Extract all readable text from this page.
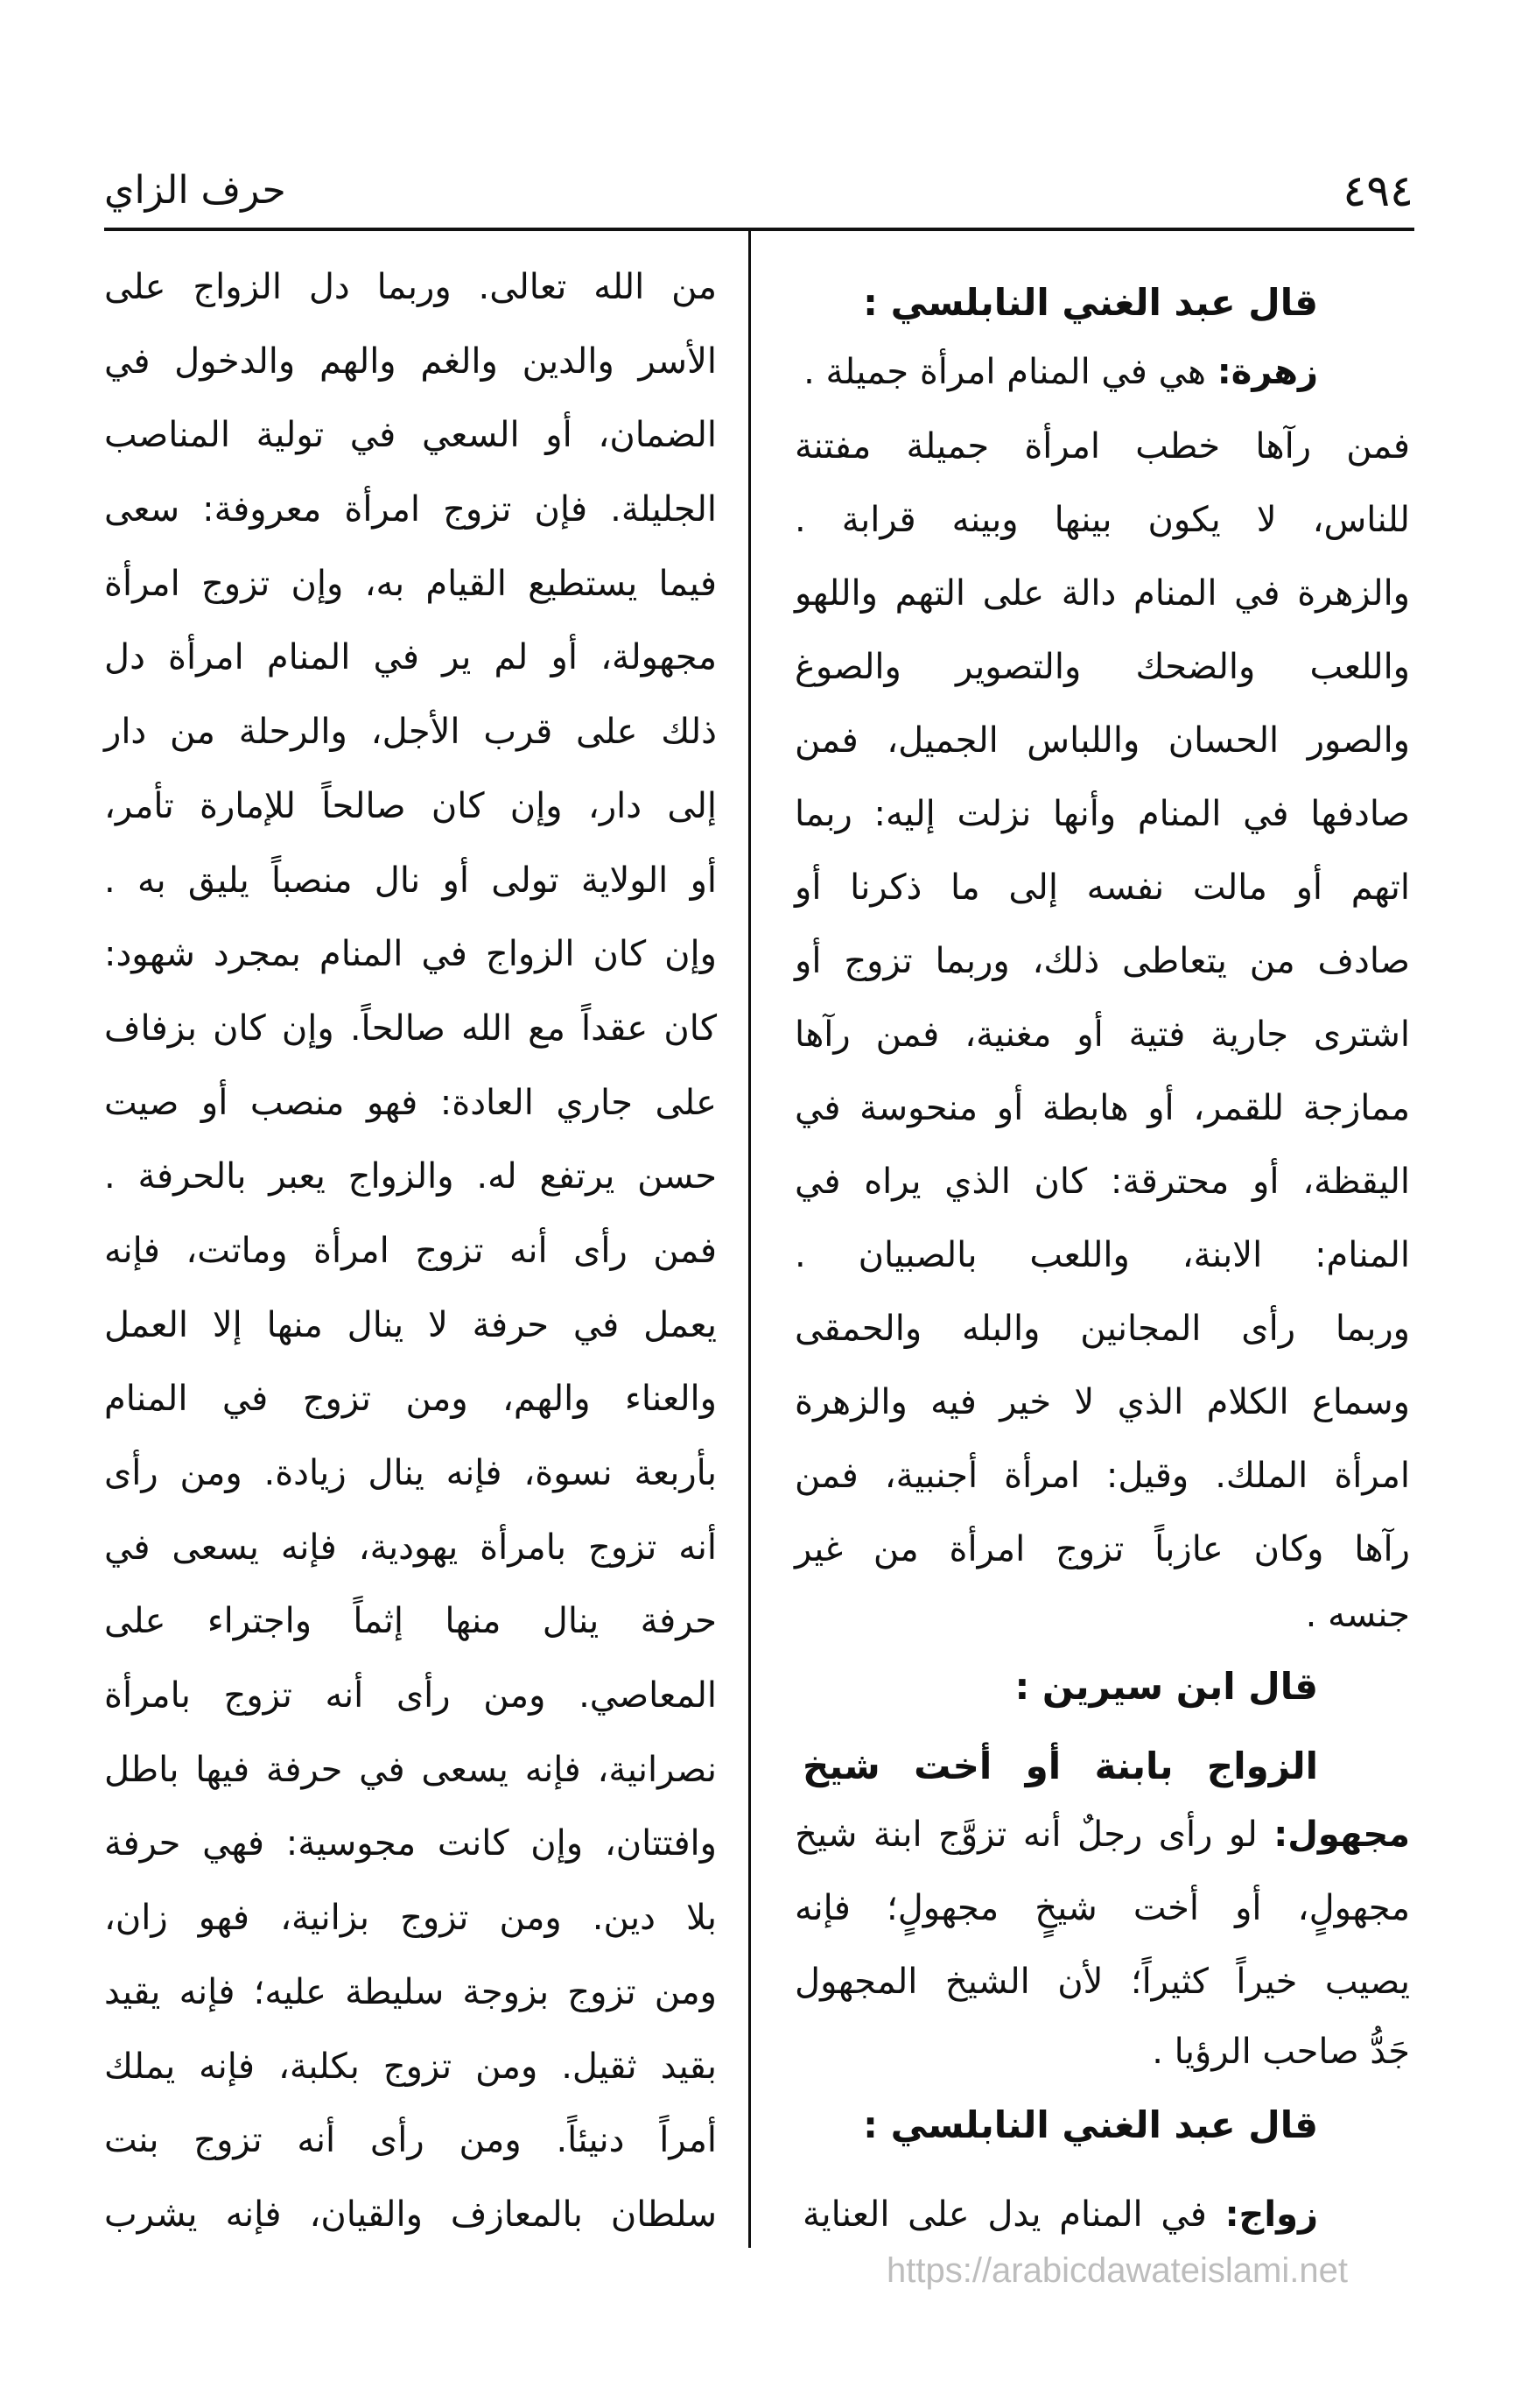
٤٩٤
حرف الزاي
قال عبد الغني النابلسي :
زهرة: هي في المنام امرأة جميلة .
فمن رآها خطب امرأة جميلة مفتنة
للناس، لا يكون بينها وبينه قرابة .
والزهرة في المنام دالة على التهم واللهو
واللعب والضحك والتصوير والصوغ
والصور الحسان واللباس الجميل، فمن
صادفها في المنام وأنها نزلت إليه: ربما
اتهم أو مالت نفسه إلى ما ذكرنا أو
صادف من يتعاطى ذلك، وربما تزوج أو
اشترى جارية فتية أو مغنية، فمن رآها
ممازجة للقمر، أو هابطة أو منحوسة في
اليقظة، أو محترقة: كان الذي يراه في
المنام: الابنة، واللعب بالصبيان .
وربما رأى المجانين والبله والحمقى
وسماع الكلام الذي لا خير فيه والزهرة
امرأة الملك. وقيل: امرأة أجنبية، فمن
رآها وكان عازباً تزوج امرأة من غير
جنسه .
قال ابن سيرين :
الزواج بابنة أو أخت شيخ
مجهول: لو رأى رجلٌ أنه تزوَّج ابنة شيخ
مجهولٍ، أو أخت شيخٍ مجهولٍ؛ فإنه
يصيب خيراً كثيراً؛ لأن الشيخ المجهول
جَدُّ صاحب الرؤيا .
قال عبد الغني النابلسي :
زواج: في المنام يدل على العناية
من الله تعالى. وربما دل الزواج على
الأسر والدين والغم والهم والدخول في
الضمان، أو السعي في تولية المناصب
الجليلة. فإن تزوج امرأة معروفة: سعى
فيما يستطيع القيام به، وإن تزوج امرأة
مجهولة، أو لم ير في المنام امرأة دل
ذلك على قرب الأجل، والرحلة من دار
إلى دار، وإن كان صالحاً للإمارة تأمر،
أو الولاية تولى أو نال منصباً يليق به .
وإن كان الزواج في المنام بمجرد شهود:
كان عقداً مع الله صالحاً. وإن كان بزفاف
على جاري العادة: فهو منصب أو صيت
حسن يرتفع له. والزواج يعبر بالحرفة .
فمن رأى أنه تزوج امرأة وماتت، فإنه
يعمل في حرفة لا ينال منها إلا العمل
والعناء والهم، ومن تزوج في المنام
بأربعة نسوة، فإنه ينال زيادة. ومن رأى
أنه تزوج بامرأة يهودية، فإنه يسعى في
حرفة ينال منها إثماً واجتراء على
المعاصي. ومن رأى أنه تزوج بامرأة
نصرانية، فإنه يسعى في حرفة فيها باطل
وافتتان، وإن كانت مجوسية: فهي حرفة
بلا دين. ومن تزوج بزانية، فهو زان،
ومن تزوج بزوجة سليطة عليه؛ فإنه يقيد
بقيد ثقيل. ومن تزوج بكلبة، فإنه يملك
أمراً دنيئاً. ومن رأى أنه تزوج بنت
سلطان بالمعازف والقيان، فإنه يشرب
https://arabicdawateislami.net
